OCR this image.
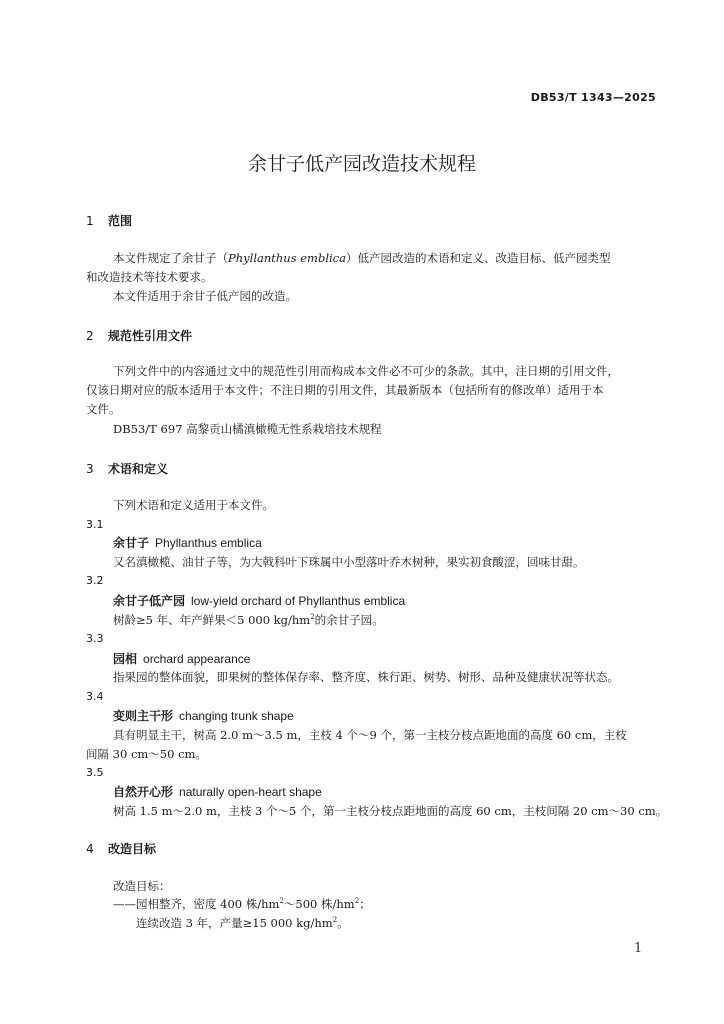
DB53/T 1343—2025
余甘子低产园改造技术规程
1 范围
本文件规定了余甘子（Phyllanthus emblica）低产园改造的术语和定义、改造目标、低产园类型
和改造技术等技术要求。
本文件适用于余甘子低产园的改造。
2 规范性引用文件
下列文件中的内容通过文中的规范性引用而构成本文件必不可少的条款。其中，注日期的引用文件，
仅该日期对应的版本适用于本文件；不注日期的引用文件，其最新版本（包括所有的修改单）适用于本
文件。
DB53/T 697 高黎贡山橘滇橄榄无性系栽培技术规程
3 术语和定义
下列术语和定义适用于本文件。
3.1
余甘子 Phyllanthus emblica
又名滇橄榄、油甘子等，为大戟科叶下珠属中小型落叶乔木树种，果实初食酸涩，回味甘甜。
3.2
余甘子低产园 low-yield orchard of Phyllanthus emblica
树龄≥5 年、年产鲜果＜5 000 $kg/hm^2$的余甘子园。
3.3
园相 orchard appearance
指果园的整体面貌，即果树的整体保存率、整齐度、株行距、树势、树形、品种及健康状况等状态。
3.4
变则主干形 changing trunk shape
具有明显主干，树高 2.0 m～3.5 m，主枝 4 个～9 个，第一主枝分枝点距地面的高度 60 cm，主枝
间隔 30 cm～50 cm。
3.5
自然开心形 naturally open-heart shape
树高 1.5 m～2.0 m，主枝 3 个～5 个，第一主枝分枝点距地面的高度 60 cm，主枝间隔 20 cm～30 cm。
4 改造目标
改造目标：
——园相整齐，密度 400 株$/hm^2\sim 500$ 株$/hm^2$；
连续改造 3 年，产量≥15 000 $kg/hm^2$。
1
